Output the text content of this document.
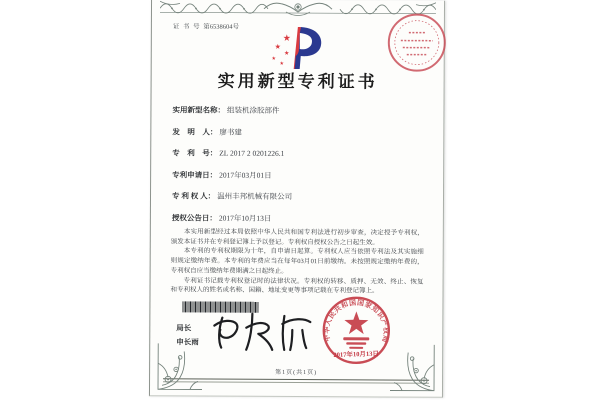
证 书 号 第6538604号
★
★
★
★
★
实用新型专利证书
实用新型名称： 组装机涂胶部件
发　明　人： 廖书建
专　利　号： ZL 2017 2 0201226.1
专利申请日： 2017年03月01日
专 利 权 人： 温州丰邦机械有限公司
授权公告日： 2017年10月13日

本实用新型经过本局依照中华人民共和国专利法进行初步审查，决定授予专利权，颁发本证书并在专利登记簿上予以登记。专利权自授权公告之日起生效。

本专利的专利权期限为十年，自申请日起算。专利权人应当依照专利法及其实施细则规定缴纳年费。本专利的年费应当在每年03月01日前缴纳。未按照规定缴纳年费的，专利权自应当缴纳年费期满之日起终止。

专利证书记载专利权登记时的法律状况。专利权的转移、质押、无效、终止、恢复和专利权人的姓名或名称、国籍、地址变更等事项记载在专利登记簿上。

局长
申长雨	中华人民共和国国家知识产权局
2017年10月13日
第1页(共1页)
